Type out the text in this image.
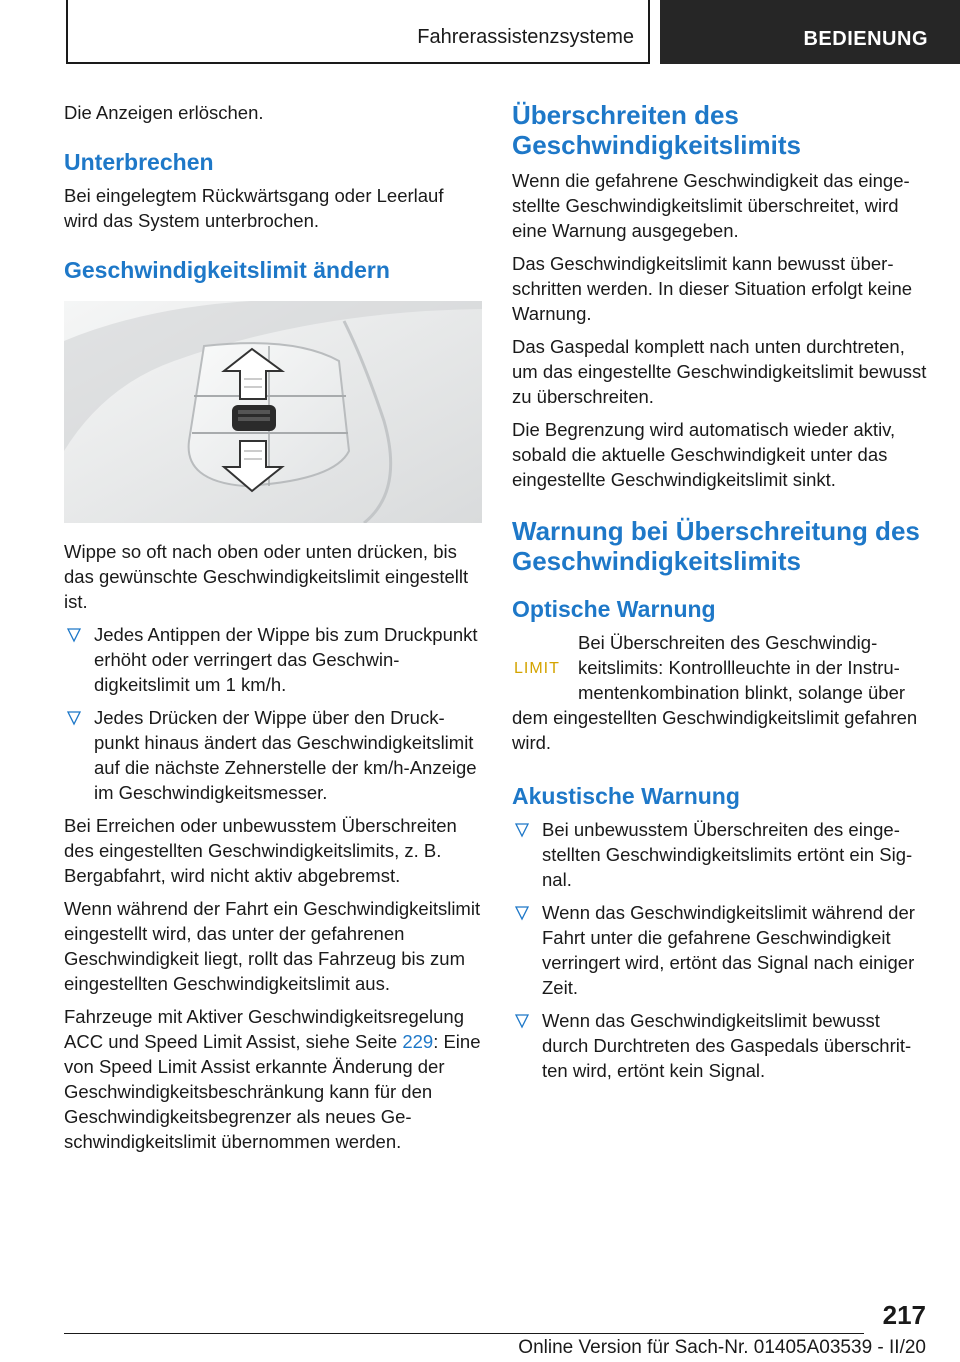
Fahrerassistenzsysteme	BEDIENUNG

Die Anzeigen erlöschen.

Unterbrechen

Bei eingelegtem Rückwärtsgang oder Leerlauf wird das System unterbrochen.

Geschwindigkeitslimit ändern

Wippe so oft nach oben oder unten drücken, bis das gewünschte Geschwindigkeitslimit eingestellt ist.

Jedes Antippen der Wippe bis zum Druckpunkt erhöht oder verringert das Geschwindigkeitslimit um 1 km/h.
Jedes Drücken der Wippe über den Druckpunkt hinaus ändert das Geschwindigkeitslimit auf die nächste Zehnerstelle der km/h-Anzeige im Geschwindigkeitsmesser.

Bei Erreichen oder unbewusstem Überschreiten des eingestellten Geschwindigkeitslimits, z. B. Bergabfahrt, wird nicht aktiv abgebremst.

Wenn während der Fahrt ein Geschwindigkeitslimit eingestellt wird, das unter der gefahrenen Geschwindigkeit liegt, rollt das Fahrzeug bis zum eingestellten Geschwindigkeitslimit aus.

Fahrzeuge mit Aktiver Geschwindigkeitsregelung ACC und Speed Limit Assist, siehe Seite 229: Eine von Speed Limit Assist erkannte Änderung der Geschwindigkeitsbeschränkung kann für den Geschwindigkeitsbegrenzer als neues Geschwindigkeitslimit übernommen werden.

Überschreiten des Geschwindigkeitslimits

Wenn die gefahrene Geschwindigkeit das eingestellte Geschwindigkeitslimit überschreitet, wird eine Warnung ausgegeben.

Das Geschwindigkeitslimit kann bewusst überschritten werden. In dieser Situation erfolgt keine Warnung.

Das Gaspedal komplett nach unten durchtreten, um das eingestellte Geschwindigkeitslimit bewusst zu überschreiten.

Die Begrenzung wird automatisch wieder aktiv, sobald die aktuelle Geschwindigkeit unter das eingestellte Geschwindigkeitslimit sinkt.

Warnung bei Überschreitung des Geschwindigkeitslimits
Optische Warnung
LIMIT

Bei Überschreiten des Geschwindigkeitslimits: Kontrollleuchte in der Instrumentenkombination blinkt, solange über

dem eingestellten Geschwindigkeitslimit gefahren wird.

Akustische Warnung
Bei unbewusstem Überschreiten des eingestellten Geschwindigkeitslimits ertönt ein Signal.
Wenn das Geschwindigkeitslimit während der Fahrt unter die gefahrene Geschwindigkeit verringert wird, ertönt das Signal nach einiger Zeit.
Wenn das Geschwindigkeitslimit bewusst durch Durchtreten des Gaspedals überschritten wird, ertönt kein Signal.
217
Online Version für Sach-Nr. 01405A03539 - II/20
